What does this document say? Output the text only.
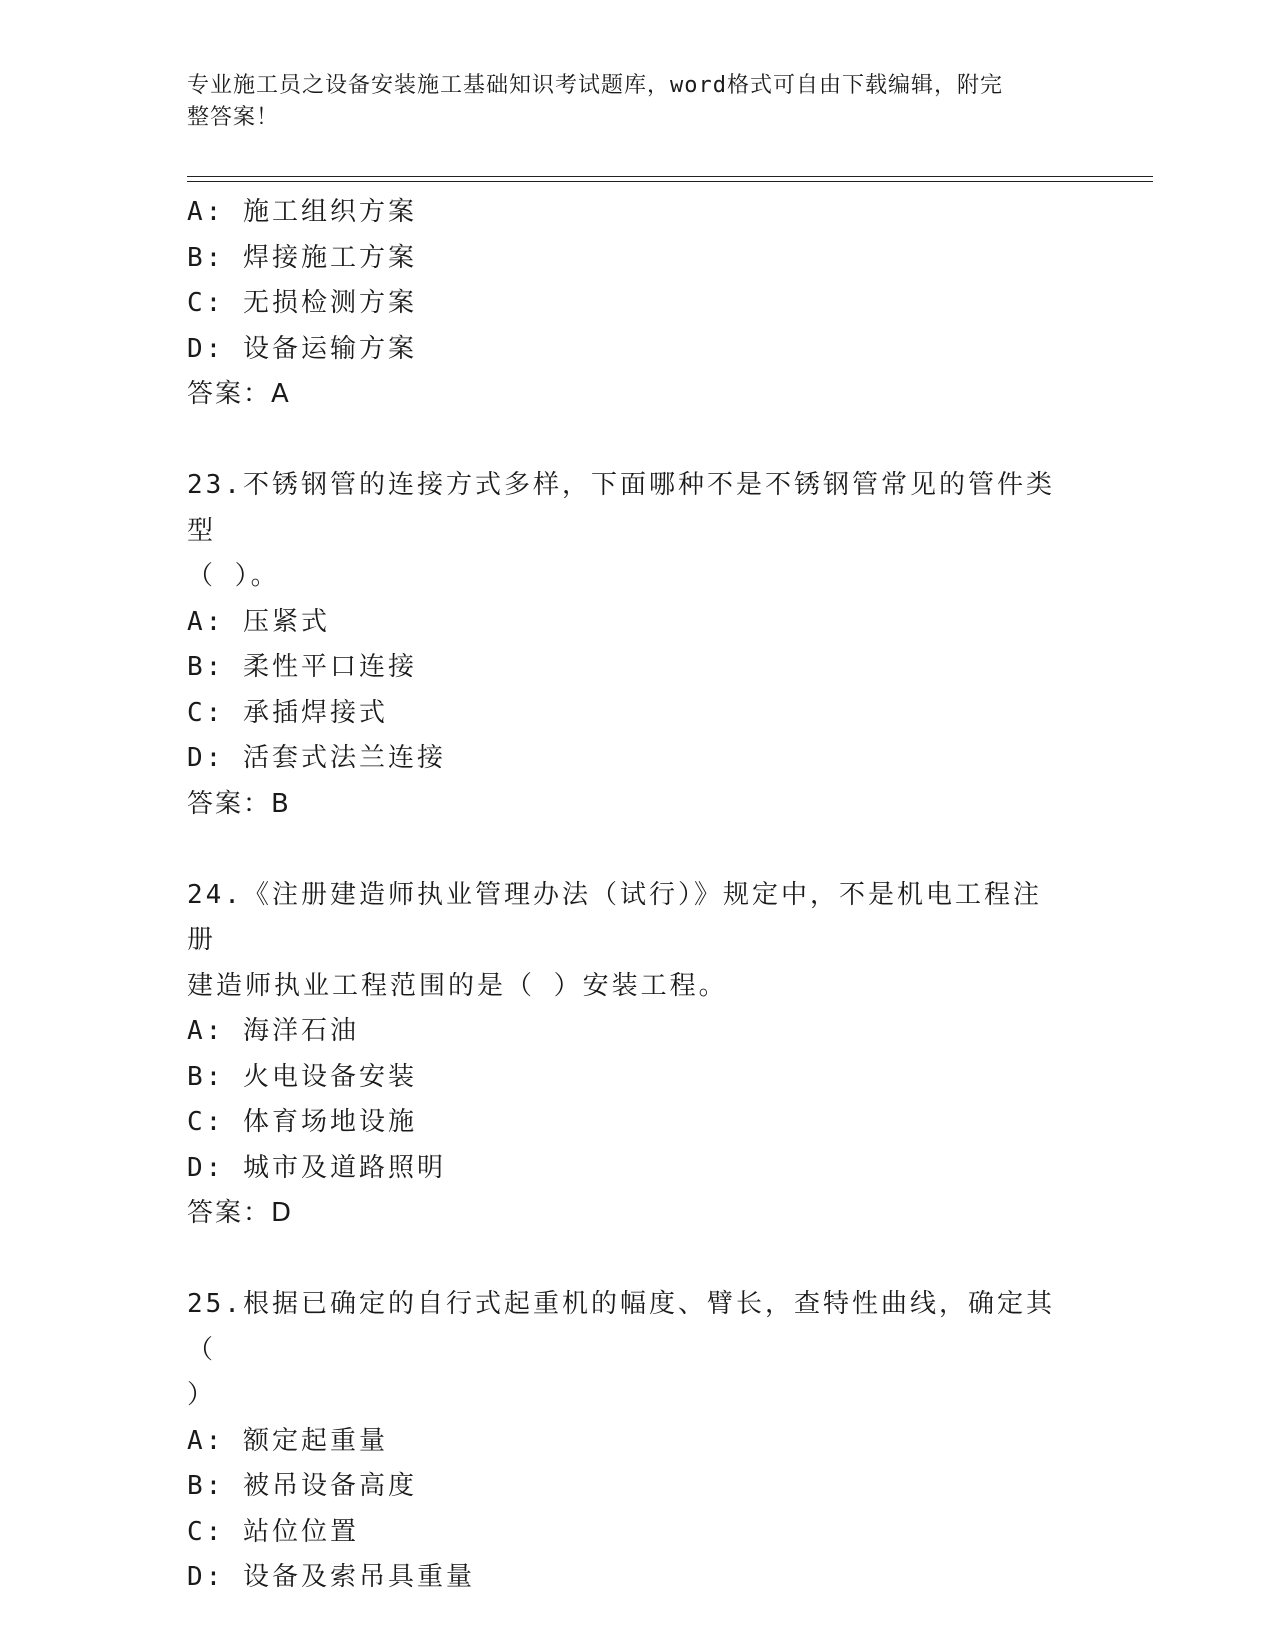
专业施工员之设备安装施工基础知识考试题库，word格式可自由下载编辑，附完
整答案！
A: 施工组织方案
B: 焊接施工方案
C: 无损检测方案
D: 设备运输方案
答案：A
23.不锈钢管的连接方式多样，下面哪种不是不锈钢管常见的管件类型
（ ）。
A: 压紧式
B: 柔性平口连接
C: 承插焊接式
D: 活套式法兰连接
答案：B
24.《注册建造师执业管理办法（试行）》规定中，不是机电工程注册
建造师执业工程范围的是（ ）安装工程。
A: 海洋石油
B: 火电设备安装
C: 体育场地设施
D: 城市及道路照明
答案：D
25.根据已确定的自行式起重机的幅度、臂长，查特性曲线，确定其（
）
A: 额定起重量
B: 被吊设备高度
C: 站位位置
D: 设备及索吊具重量
